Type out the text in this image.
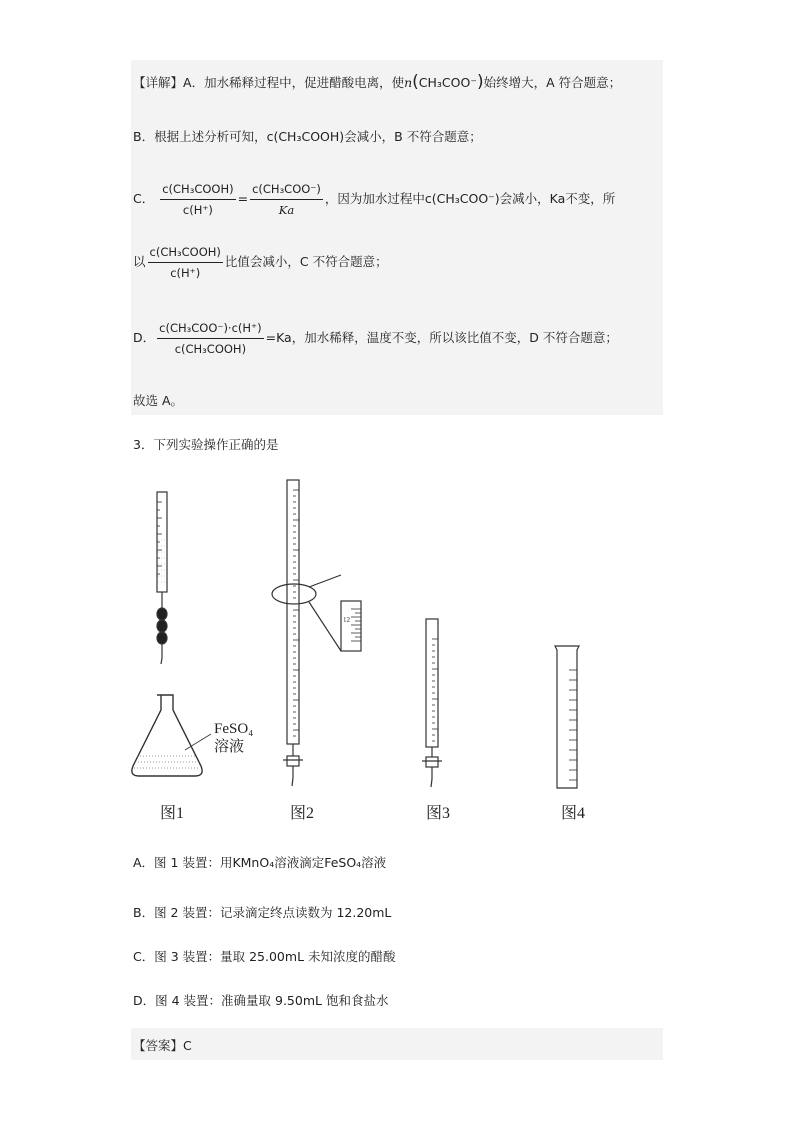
【详解】A．加水稀释过程中，促进醋酸电离，使n(CH₃COO⁻)始终增大，A 符合题意；
B．根据上述分析可知，c(CH₃COOH)会减小，B 不符合题意；
C． $\frac{\text{c(CH₃COOH)}}{c(H^+)} = \frac{\text{c(CH₃COO⁻)}}{Ka}$ ，因为加水过程中c(CH₃COO⁻)会减小，Ka不变，所
以 $\frac{\text{c(CH₃COOH)}}{c(H^+)}$ 比值会减小，C 不符合题意；
D． $\frac{\text{c(CH₃COO⁻)·c(H⁺)}}{\text{c(CH₃COOH)}} =Ka$，加水稀释，温度不变，所以该比值不变，D 不符合题意；
故选 A。
3．下列实验操作正确的是
FeSO₄
溶液
12
图1	图2	图3	图4
A．图 1 装置：用KMnO₄溶液滴定FeSO₄溶液
B．图 2 装置：记录滴定终点读数为 12.20mL
C．图 3 装置：量取 25.00mL 未知浓度的醋酸
D．图 4 装置：准确量取 9.50mL 饱和食盐水
【答案】C
